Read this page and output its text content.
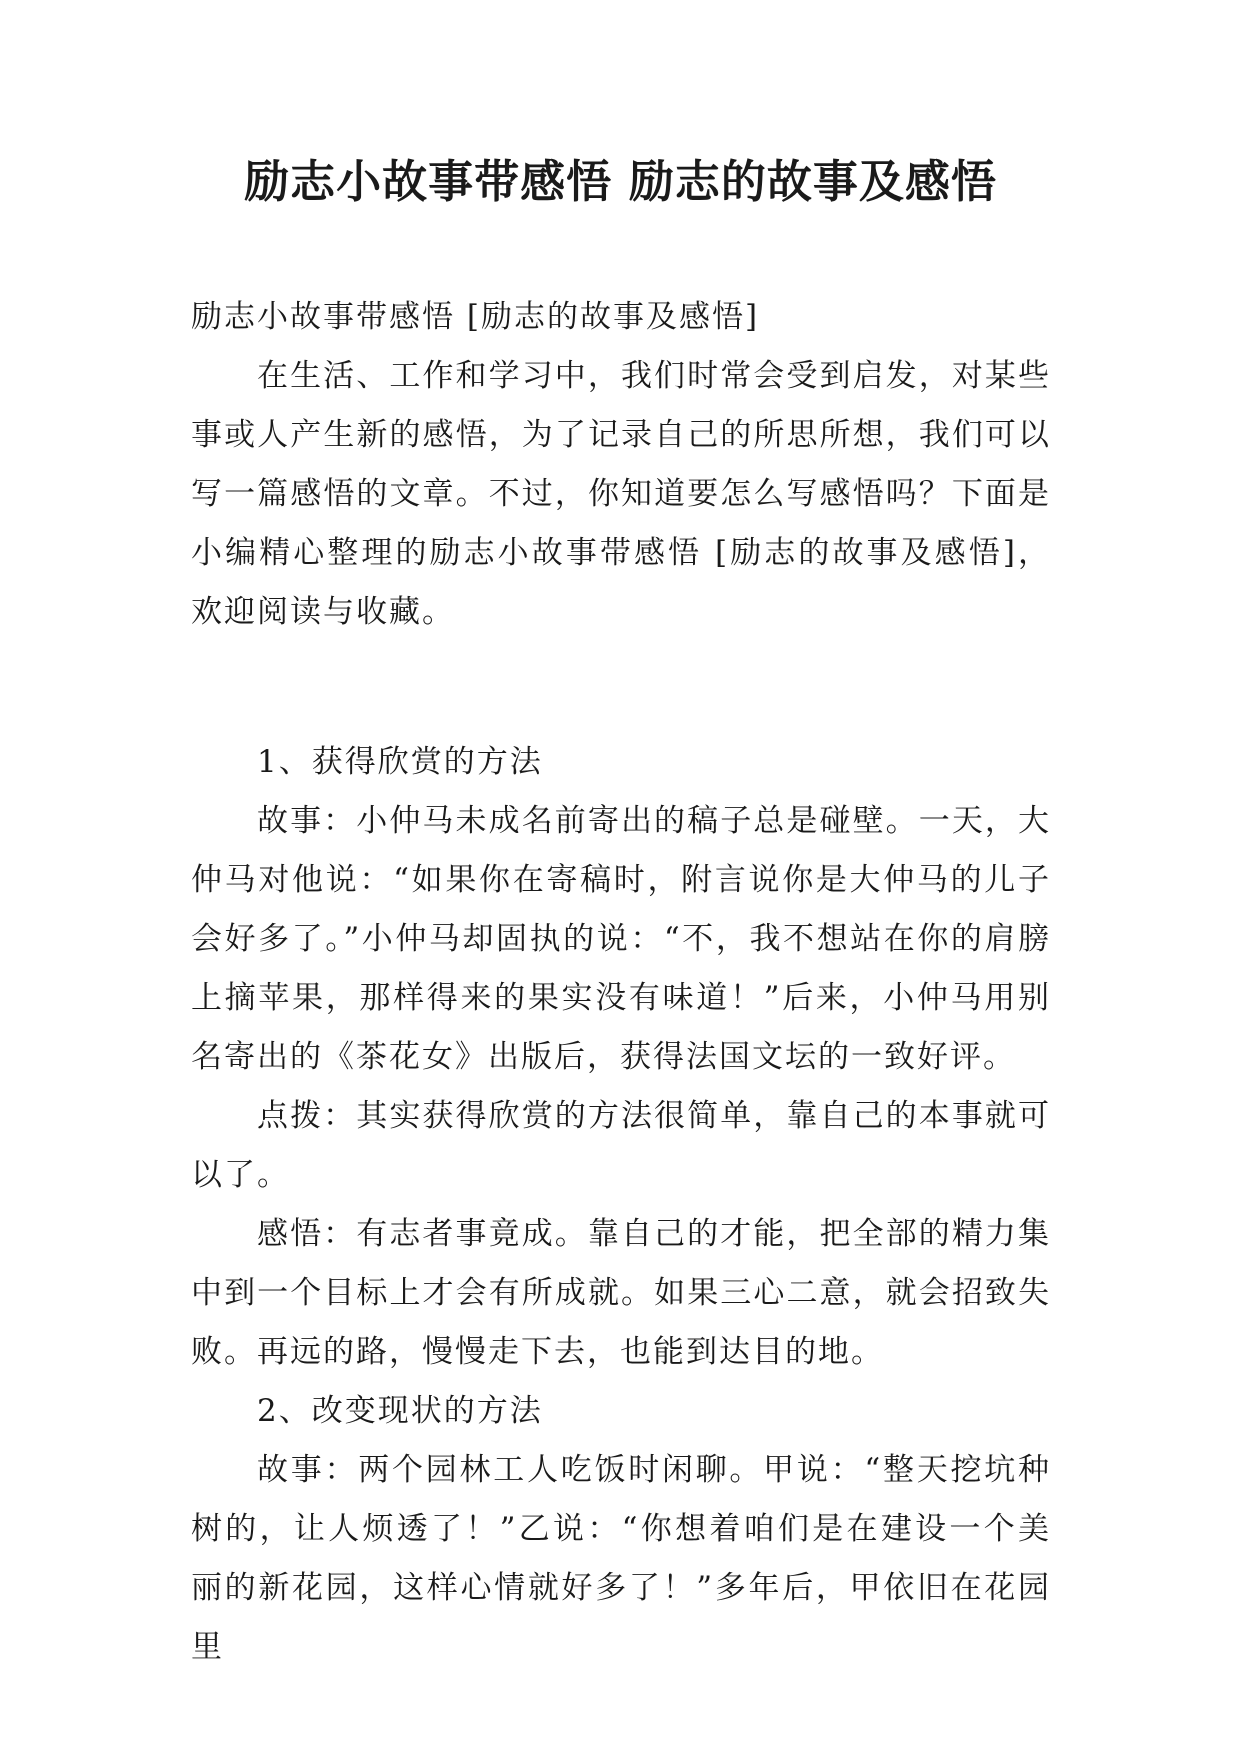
励志小故事带感悟 励志的故事及感悟

励志小故事带感悟 [励志的故事及感悟]

在生活、工作和学习中，我们时常会受到启发，对某些事或人产生新的感悟，为了记录自己的所思所想，我们可以写一篇感悟的文章。不过，你知道要怎么写感悟吗？下面是小编精心整理的励志小故事带感悟 [励志的故事及感悟]，欢迎阅读与收藏。

1、获得欣赏的方法

故事：小仲马未成名前寄出的稿子总是碰壁。一天，大仲马对他说：“如果你在寄稿时，附言说你是大仲马的儿子会好多了。”小仲马却固执的说：“不，我不想站在你的肩膀上摘苹果，那样得来的果实没有味道！”后来，小仲马用别名寄出的《茶花女》出版后，获得法国文坛的一致好评。

点拨：其实获得欣赏的方法很简单，靠自己的本事就可以了。

感悟：有志者事竟成。靠自己的才能，把全部的精力集中到一个目标上才会有所成就。如果三心二意，就会招致失败。再远的路，慢慢走下去，也能到达目的地。

2、改变现状的方法

故事：两个园林工人吃饭时闲聊。甲说：“整天挖坑种树的，让人烦透了！”乙说：“你想着咱们是在建设一个美丽的新花园，这样心情就好多了！”多年后，甲依旧在花园里
